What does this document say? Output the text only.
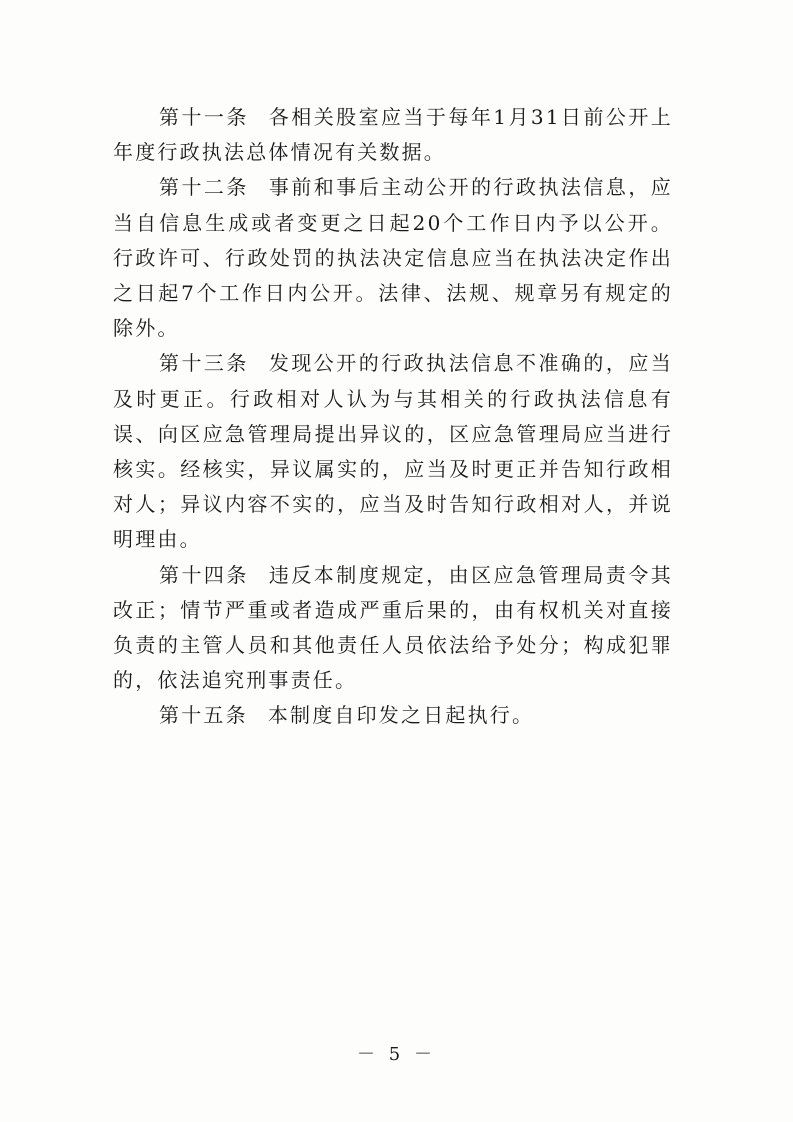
第十一条 各相关股室应当于每年1月31日前公开上年度行政执法总体情况有关数据。

第十二条 事前和事后主动公开的行政执法信息，应当自信息生成或者变更之日起20个工作日内予以公开。行政许可、行政处罚的执法决定信息应当在执法决定作出之日起7个工作日内公开。法律、法规、规章另有规定的除外。

第十三条 发现公开的行政执法信息不准确的，应当及时更正。行政相对人认为与其相关的行政执法信息有误、向区应急管理局提出异议的，区应急管理局应当进行核实。经核实，异议属实的，应当及时更正并告知行政相对人；异议内容不实的，应当及时告知行政相对人，并说明理由。

第十四条 违反本制度规定，由区应急管理局责令其改正；情节严重或者造成严重后果的，由有权机关对直接负责的主管人员和其他责任人员依法给予处分；构成犯罪的，依法追究刑事责任。

第十五条 本制度自印发之日起执行。

－ 5 －
